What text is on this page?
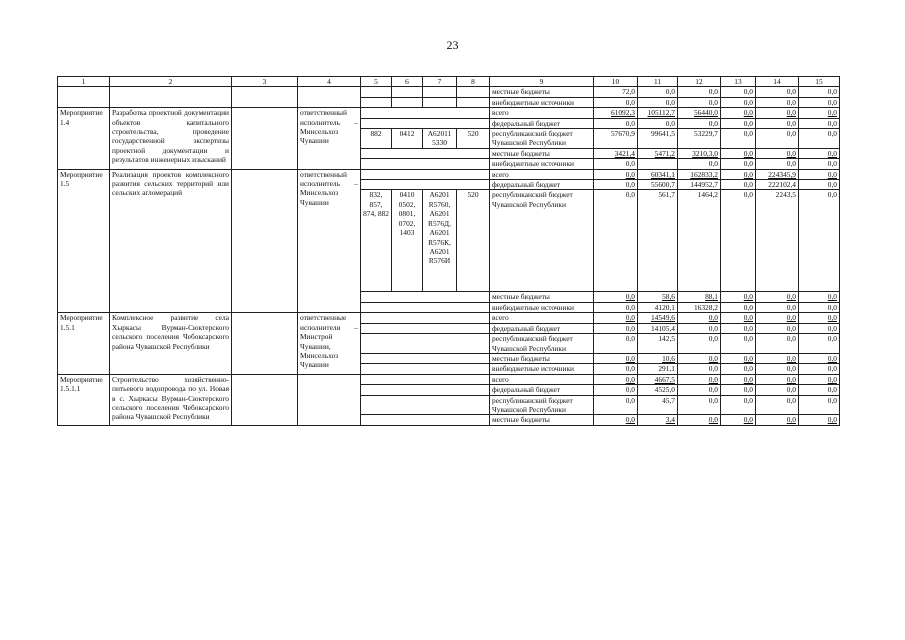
23
1	2	3	4	5	6	7	8	9	10	11	12	13	14	15
								местные бюджеты	72,0	0,0	0,0	0,0	0,0	0,0
								внебюджетные источники	0,0	0,0	0,0	0,0	0,0	0,0
Мероприятие 1.4	Разработка проектной документации объектов капитального строительства, проведение государственной экспертизы проектной документации и результатов инженерных изысканий		ответственный исполнитель – Минсельхоз Чувашии					всего	61092,3	105112,7	56440,0	0,0	0,0	0,0
								федеральный бюджет	0,0	0,0	0,0	0,0	0,0	0,0
				882	0412	А62011 5330	520	республиканский бюджет Чувашской Республики	57670,9	99641,5	53229,7	0,0	0,0	0,0
								местные бюджеты	3421,4	5471,2	3210,3,0	0,0	0,0	0,0
								внебюджетные источники	0,0		0,0	0,0	0,0	0,0
Мероприятие 1.5	Реализация проектов комплексного развития сельских территорий или сельских агломераций		ответственный исполнитель – Минсельхоз Чувашии					всего	0,0	60341,1	162833,2	0,0	224345,9	0,0
								федеральный бюджет	0,0	55600,7	144952,7	0,0	222102,4	0,0
				832, 857, 874, 882	0410 0502, 0801, 0702, 1403	А6201 R5760, А6201 R576Д, А6201 R576К, А6201 R576И	520	республиканский бюджет Чувашской Республики	0,0	561,7	1464,2	0,0	2243,5	0,0
								местные бюджеты	0,0	58,6	88,1	0,0	0,0	0,0
								внебюджетные источники	0,0	4120,1	16328,2	0,0	0,0	0,0
Мероприятие 1.5.1	Комплексное развитие села Хыркасы Вурман-Сюктерского сельского поселения Чебоксарского района Чувашской Республики		ответственные исполнители – Минстрой Чувашии, Минсельхоз Чувашии					всего	0,0	14549,6	0,0	0,0	0,0	0,0
								федеральный бюджет	0,0	14105,4	0,0	0,0	0,0	0,0
								республиканский бюджет Чувашской Республики	0,0	142,5	0,0	0,0	0,0	0,0
								местные бюджеты	0,0	10,6	0,0	0,0	0,0	0,0
								внебюджетные источники	0,0	291,1	0,0	0,0	0,0	0,0
Мероприятие 1.5.1.1	Строительство хозяйственно-питьевого водопровода по ул. Новая в с. Хыркасы Вурман-Сюктерского сельского поселения Чебоксарского района Чувашской Республики							всего	0,0	4667,5	0,0	0,0	0,0	0,0
								федеральный бюджет	0,0	4525,0	0,0	0,0	0,0	0,0
								республиканский бюджет Чувашской Республики	0,0	45,7	0,0	0,0	0,0	0,0
								местные бюджеты	0,0	3,4	0,0	0,0	0,0	0,0
